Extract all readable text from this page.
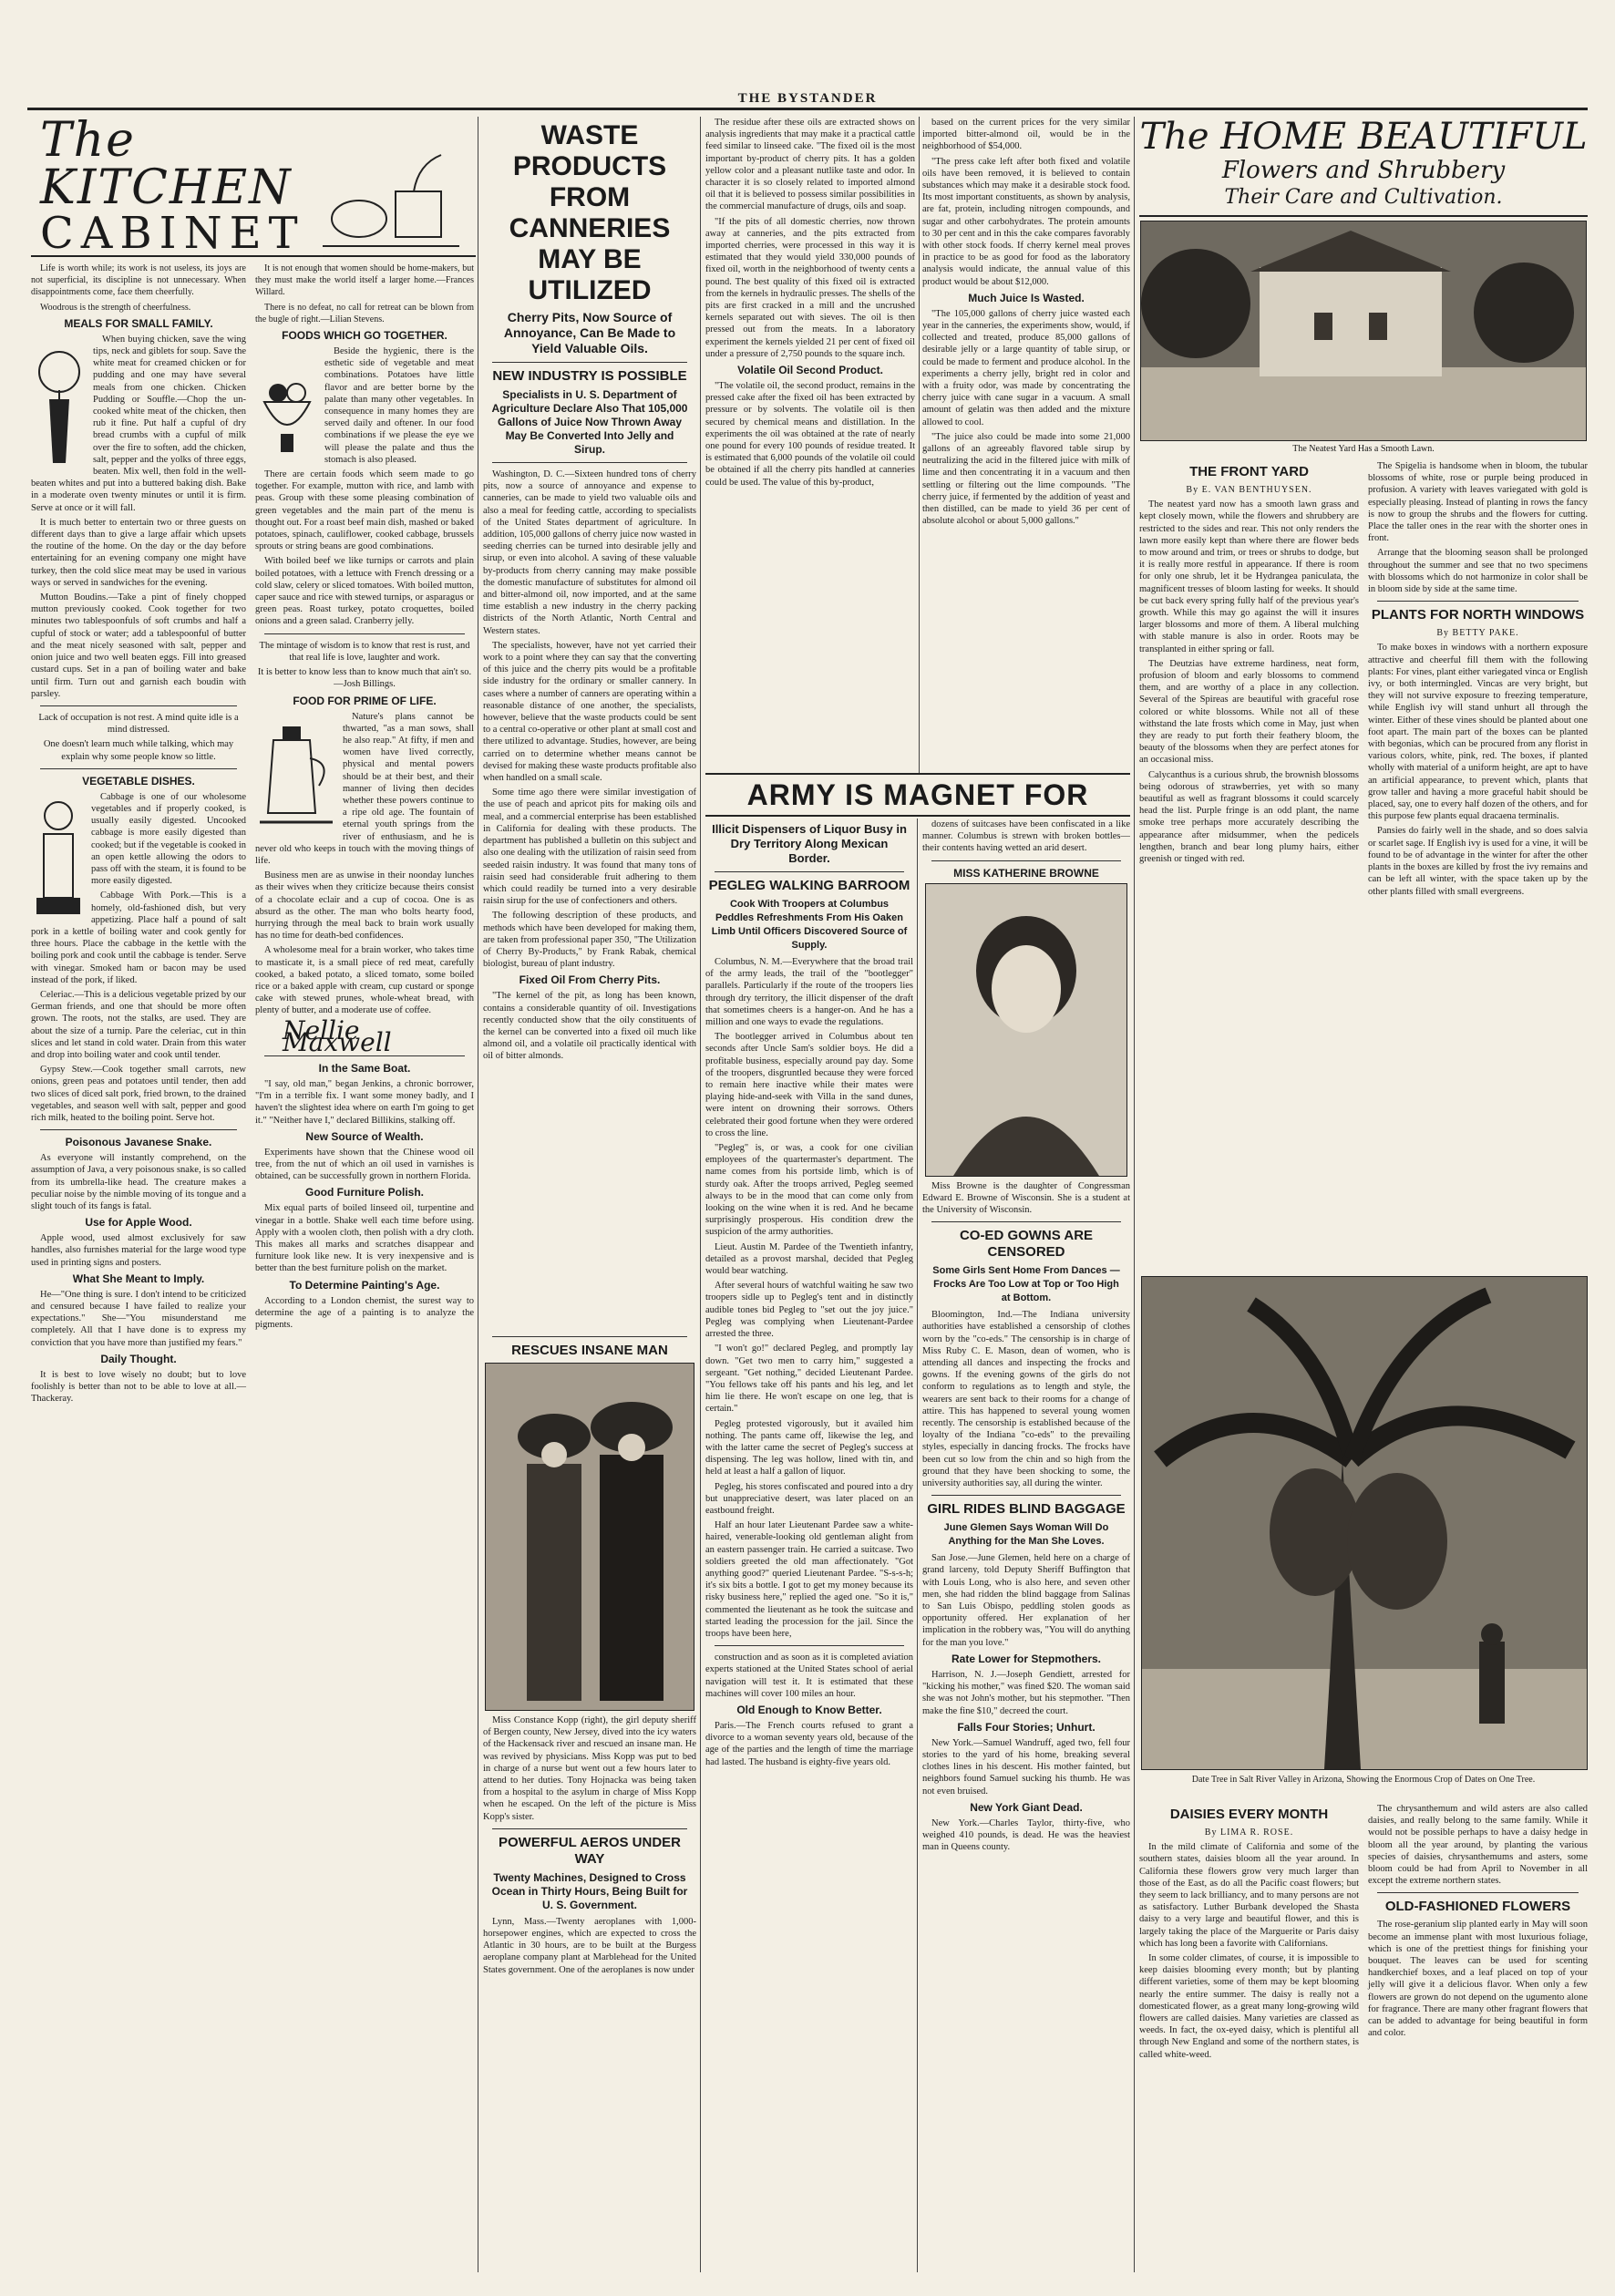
THE BYSTANDER
The KITCHEN
CABINET

Life is worth while; its work is not useless, its joys are not superficial, its discipline is not unnecessary. When disappointments come, face them cheerfully.

Woodrous is the strength of cheerfulness.

MEALS FOR SMALL FAMILY.

When buying chicken, save the wing tips, neck and giblets for soup. Save the white meat for creamed chicken or for pudding and one may have several meals from one chicken. Chicken Pudding or Souffle.—Chop the un-cooked white meat of the chicken, then rub it fine. Put half a cupful of dry bread crumbs with a cupful of milk over the fire to soften, add the chicken, salt, pepper and the yolks of three eggs, beaten. Mix well, then fold in the well-beaten whites and put into a buttered baking dish. Bake in a moderate oven twenty minutes or until it is firm. Serve at once or it will fall.

It is much better to entertain two or three guests on different days than to give a large affair which upsets the routine of the home. On the day or the day before entertaining for an evening company one might have turkey, then the cold slice meat may be used in various ways or served in sandwiches for the evening.

Mutton Boudins.—Take a pint of finely chopped mutton previously cooked. Cook together for two minutes two tablespoonfuls of soft crumbs and half a cupful of stock or water; add a tablespoonful of butter and the meat nicely seasoned with salt, pepper and onion juice and two well beaten eggs. Fill into greased custard cups. Set in a pan of boiling water and bake until firm. Turn out and garnish each boudin with parsley.

Lack of occupation is not rest. A mind quite idle is a mind distressed.

One doesn't learn much while talking, which may explain why some people know so little.

VEGETABLE DISHES.

Cabbage is one of our wholesome vegetables and if properly cooked, is usually easily digested. Uncooked cabbage is more easily digested than cooked; but if the vegetable is cooked in an open kettle allowing the odors to pass off with the steam, it is found to be more easily digested.

Cabbage With Pork.—This is a homely, old-fashioned dish, but very appetizing. Place half a pound of salt pork in a kettle of boiling water and cook gently for three hours. Place the cabbage in the kettle with the boiling pork and cook until the cabbage is tender. Serve with vinegar. Smoked ham or bacon may be used instead of the pork, if liked.

Celeriac.—This is a delicious vegetable prized by our German friends, and one that should be more often grown. The roots, not the stalks, are used. They are about the size of a turnip. Pare the celeriac, cut in thin slices and let stand in cold water. Drain from this water and drop into boiling water and cook until tender.

Gypsy Stew.—Cook together small carrots, new onions, green peas and potatoes until tender, then add two slices of diced salt pork, fried brown, to the drained vegetables, and season well with salt, pepper and good rich milk, heated to the boiling point. Serve hot.

Poisonous Javanese Snake.

As everyone will instantly comprehend, on the assumption of Java, a very poisonous snake, is so called from its umbrella-like head. The creature makes a peculiar noise by the nimble moving of its tongue and a slight touch of its fangs is fatal.

Use for Apple Wood.

Apple wood, used almost exclusively for saw handles, also furnishes material for the large wood type used in printing signs and posters.

What She Meant to Imply.

He—"One thing is sure. I don't intend to be criticized and censured because I have failed to realize your expectations." She—"You misunderstand me completely. All that I have done is to express my conviction that you have more than justified my fears."

Daily Thought.

It is best to love wisely no doubt; but to love foolishly is better than not to be able to love at all.—Thackeray.

It is not enough that women should be home-makers, but they must make the world itself a larger home.—Frances Willard.

There is no defeat, no call for retreat can be blown from the bugle of right.—Lilian Stevens.

FOODS WHICH GO TOGETHER.

Beside the hygienic, there is the esthetic side of vegetable and meat combinations. Potatoes have little flavor and are better borne by the palate than many other vegetables. In consequence in many homes they are served daily and oftener. In our food combinations if we please the eye we will please the palate and thus the stomach is also pleased.

There are certain foods which seem made to go together. For example, mutton with rice, and lamb with peas. Group with these some pleasing combination of green vegetables and the main part of the menu is thought out. For a roast beef main dish, mashed or baked potatoes, spinach, cauliflower, cooked cabbage, brussels sprouts or string beans are good combinations.

With boiled beef we like turnips or carrots and plain boiled potatoes, with a lettuce with French dressing or a cold slaw, celery or sliced tomatoes. With boiled mutton, caper sauce and rice with stewed turnips, or asparagus or green peas. Roast turkey, potato croquettes, boiled onions and a green salad. Cranberry jelly.

The mintage of wisdom is to know that rest is rust, and that real life is love, laughter and work.

It is better to know less than to know much that ain't so.—Josh Billings.

FOOD FOR PRIME OF LIFE.

Nature's plans cannot be thwarted, "as a man sows, shall he also reap." At fifty, if men and women have lived correctly, physical and mental powers should be at their best, and their manner of living then decides whether these powers continue to a ripe old age. The fountain of eternal youth springs from the river of enthusiasm, and he is never old who keeps in touch with the moving things of life.

Business men are as unwise in their noonday lunches as their wives when they criticize because theirs consist of a chocolate eclair and a cup of cocoa. One is as absurd as the other. The man who bolts hearty food, hurrying through the meal back to brain work usually has no time for death-bed confidences.

A wholesome meal for a brain worker, who takes time to masticate it, is a small piece of red meat, carefully cooked, a baked potato, a sliced tomato, some boiled rice or a baked apple with cream, cup custard or sponge cake with stewed prunes, whole-wheat bread, with plenty of butter, and a moderate use of coffee.

Nellie Maxwell
In the Same Boat.

"I say, old man," began Jenkins, a chronic borrower, "I'm in a terrible fix. I want some money badly, and I haven't the slightest idea where on earth I'm going to get it." "Neither have I," declared Billikins, stalking off.

New Source of Wealth.

Experiments have shown that the Chinese wood oil tree, from the nut of which an oil used in varnishes is obtained, can be successfully grown in northern Florida.

Good Furniture Polish.

Mix equal parts of boiled linseed oil, turpentine and vinegar in a bottle. Shake well each time before using. Apply with a woolen cloth, then polish with a dry cloth. This makes all marks and scratches disappear and furniture look like new. It is very inexpensive and is better than the best furniture polish on the market.

To Determine Painting's Age.

According to a London chemist, the surest way to determine the age of a painting is to analyze the pigments.

WASTE PRODUCTS FROM CANNERIES MAY BE UTILIZED
Cherry Pits, Now Source of Annoyance, Can Be Made to Yield Valuable Oils.
NEW INDUSTRY IS POSSIBLE
Specialists in U. S. Department of Agriculture Declare Also That 105,000 Gallons of Juice Now Thrown Away May Be Converted Into Jelly and Sirup.

Washington, D. C.—Sixteen hundred tons of cherry pits, now a source of annoyance and expense to canneries, can be made to yield two valuable oils and also a meal for feeding cattle, according to specialists of the United States department of agriculture. In addition, 105,000 gallons of cherry juice now wasted in seeding cherries can be turned into desirable jelly and sirup, or even into alcohol. A saving of these valuable by-products from cherry canning may make possible the domestic manufacture of substitutes for almond oil and bitter-almond oil, now imported, and at the same time establish a new industry in the cherry packing districts of the North Atlantic, North Central and Western states.

The specialists, however, have not yet carried their work to a point where they can say that the converting of this juice and the cherry pits would be a profitable side industry for the ordinary or smaller cannery. In cases where a number of canners are operating within a reasonable distance of one another, the specialists, however, believe that the waste products could be sent to a central co-operative or other plant at small cost and there utilized to advantage. Studies, however, are being carried on to determine whether means cannot be devised for making these waste products profitable also when handled on a small scale.

Some time ago there were similar investigation of the use of peach and apricot pits for making oils and meal, and a commercial enterprise has been established in California for dealing with these products. The department has published a bulletin on this subject and also one dealing with the utilization of raisin seed from seeded raisin industry. It was found that many tons of raisin seed had considerable fruit adhering to them which could readily be turned into a very desirable raisin sirup for the use of confectioners and others.

The following description of these products, and methods which have been developed for making them, are taken from professional paper 350, "The Utilization of Cherry By-Products," by Frank Rabak, chemical biologist, bureau of plant industry.

Fixed Oil From Cherry Pits.

"The kernel of the pit, as long has been known, contains a considerable quantity of oil. Investigations recently conducted show that the oily constituents of the kernel can be converted into a fixed oil much like almond oil, and a volatile oil practically identical with oil of bitter almonds.

The residue after these oils are extracted shows on analysis ingredients that may make it a practical cattle feed similar to linseed cake. "The fixed oil is the most important by-product of cherry pits. It has a golden yellow color and a pleasant nutlike taste and odor. In character it is so closely related to imported almond oil that it is believed to possess similar possibilities in the commercial manufacture of drugs, oils and soap.

"If the pits of all domestic cherries, now thrown away at canneries, and the pits extracted from imported cherries, were processed in this way it is estimated that they would yield 330,000 pounds of fixed oil, worth in the neighborhood of twenty cents a pound. The best quality of this fixed oil is extracted from the kernels in hydraulic presses. The shells of the pits are first cracked in a mill and the uncrushed kernels separated out with sieves. The oil is then pressed out from the meats. In a laboratory experiment the kernels yielded 21 per cent of fixed oil under a pressure of 2,750 pounds to the square inch.

Volatile Oil Second Product.

"The volatile oil, the second product, remains in the pressed cake after the fixed oil has been extracted by pressure or by solvents. The volatile oil is then secured by chemical means and distillation. In the experiments the oil was obtained at the rate of nearly one pound for every 100 pounds of residue treated. It is estimated that 6,000 pounds of the volatile oil could be obtained if all the cherry pits handled at canneries could be used. The value of this by-product,

based on the current prices for the very similar imported bitter-almond oil, would be in the neighborhood of $54,000.

"The press cake left after both fixed and volatile oils have been removed, it is believed to contain substances which may make it a desirable stock food. Its most important constituents, as shown by analysis, are fat, protein, including nitrogen compounds, and sugar and other carbohydrates. The protein amounts to 30 per cent and in this the cake compares favorably with other stock foods. If cherry kernel meal proves in practice to be as good for food as the laboratory analysis would indicate, the annual value of this product would be about $12,000.

Much Juice Is Wasted.

"The 105,000 gallons of cherry juice wasted each year in the canneries, the experiments show, would, if collected and treated, produce 85,000 gallons of desirable jelly or a large quantity of table sirup, or could be made to ferment and produce alcohol. In the experiments a cherry jelly, bright red in color and with a fruity odor, was made by concentrating the cherry juice with cane sugar in a vacuum. A small amount of gelatin was then added and the mixture allowed to cool.

"The juice also could be made into some 21,000 gallons of an agreeably flavored table sirup by neutralizing the acid in the filtered juice with milk of lime and then concentrating it in a vacuum and then settling or filtering out the lime compounds. "The cherry juice, if fermented by the addition of yeast and then distilled, can be made to yield 36 per cent of absolute alcohol or about 5,000 gallons."

RESCUES INSANE MAN

Miss Constance Kopp (right), the girl deputy sheriff of Bergen county, New Jersey, dived into the icy waters of the Hackensack river and rescued an insane man. He was revived by physicians. Miss Kopp was put to bed in charge of a nurse but went out a few hours later to attend to her duties. Tony Hojnacka was being taken from a hospital to the asylum in charge of Miss Kopp when he escaped. On the left of the picture is Miss Kopp's sister.

POWERFUL AEROS UNDER WAY
Twenty Machines, Designed to Cross Ocean in Thirty Hours, Being Built for U. S. Government.

Lynn, Mass.—Twenty aeroplanes with 1,000-horsepower engines, which are expected to cross the Atlantic in 30 hours, are to be built at the Burgess aeroplane company plant at Marblehead for the United States government. One of the aeroplanes is now under

ARMY IS MAGNET FOR
Illicit Dispensers of Liquor Busy in Dry Territory Along Mexican Border.
PEGLEG WALKING BARROOM
Cook With Troopers at Columbus Peddles Refreshments From His Oaken Limb Until Officers Discovered Source of Supply.

Columbus, N. M.—Everywhere that the broad trail of the army leads, the trail of the "bootlegger" parallels. Particularly if the route of the troopers lies through dry territory, the illicit dispenser of the draft that sometimes cheers is a hanger-on. And he has a million and one ways to evade the regulations.

The bootlegger arrived in Columbus about ten seconds after Uncle Sam's soldier boys. He did a profitable business, especially around pay day. Some of the troopers, disgruntled because they were forced to remain here inactive while their mates were playing hide-and-seek with Villa in the sand dunes, were intent on drowning their sorrows. Others celebrated their good fortune when they were ordered to cross the line.

"Pegleg" is, or was, a cook for one civilian employees of the quartermaster's department. The name comes from his portside limb, which is of sturdy oak. After the troops arrived, Pegleg seemed always to be in the mood that can come only from looking on the wine when it is red. And he became surprisingly prosperous. His condition drew the suspicion of the army authorities.

Lieut. Austin M. Pardee of the Twentieth infantry, detailed as a provost marshal, decided that Pegleg would bear watching.

After several hours of watchful waiting he saw two troopers sidle up to Pegleg's tent and in distinctly audible tones bid Pegleg to "set out the joy juice." Pegleg was complying when Lieutenant-Pardee arrested the three.

"I won't go!" declared Pegleg, and promptly lay down. "Get two men to carry him," suggested a sergeant. "Get nothing," decided Lieutenant Pardee. "You fellows take off his pants and his leg, and let him lie there. He won't escape on one leg, that is certain."

Pegleg protested vigorously, but it availed him nothing. The pants came off, likewise the leg, and with the latter came the secret of Pegleg's success at dispensing. The leg was hollow, lined with tin, and held at least a half a gallon of liquor.

Pegleg, his stores confiscated and poured into a dry but unappreciative desert, was later placed on an eastbound freight.

Half an hour later Lieutenant Pardee saw a white-haired, venerable-looking old gentleman alight from an eastern passenger train. He carried a suitcase. Two soldiers greeted the old man affectionately. "Got anything good?" queried Lieutenant Pardee. "S-s-s-h; it's six bits a bottle. I got to get my money because its risky business here," replied the aged one. "So it is," commented the lieutenant as he took the suitcase and started leading the procession for the jail. Since the troops have been here,

construction and as soon as it is completed aviation experts stationed at the United States school of aerial navigation will test it. It is estimated that these machines will cover 100 miles an hour.

Old Enough to Know Better.

Paris.—The French courts refused to grant a divorce to a woman seventy years old, because of the age of the parties and the length of time the marriage had lasted. The husband is eighty-five years old.

dozens of suitcases have been confiscated in a like manner. Columbus is strewn with broken bottles—their contents having wetted an arid desert.

MISS KATHERINE BROWNE

Miss Browne is the daughter of Congressman Edward E. Browne of Wisconsin. She is a student at the University of Wisconsin.

CO-ED GOWNS ARE CENSORED
Some Girls Sent Home From Dances —Frocks Are Too Low at Top or Too High at Bottom.

Bloomington, Ind.—The Indiana university authorities have established a censorship of clothes worn by the "co-eds." The censorship is in charge of Miss Ruby C. E. Mason, dean of women, who is attending all dances and inspecting the frocks and gowns. If the evening gowns of the girls do not conform to regulations as to length and style, the wearers are sent back to their rooms for a change of attire. This has happened to several young women recently. The censorship is established because of the loyalty of the Indiana "co-eds" to the prevailing styles, especially in dancing frocks. The frocks have been cut so low from the chin and so high from the ground that they have been shocking to some, the university authorities say, all during the winter.

GIRL RIDES BLIND BAGGAGE
June Glemen Says Woman Will Do Anything for the Man She Loves.

San Jose.—June Glemen, held here on a charge of grand larceny, told Deputy Sheriff Buffington that with Louis Long, who is also here, and seven other men, she had ridden the blind baggage from Salinas to San Luis Obispo, peddling stolen goods as opportunity offered. Her explanation of her implication in the robbery was, "You will do anything for the man you love."

Rate Lower for Stepmothers.

Harrison, N. J.—Joseph Gendiett, arrested for "kicking his mother," was fined $20. The woman said she was not John's mother, but his stepmother. "Then make the fine $10," decreed the court.

Falls Four Stories; Unhurt.

New York.—Samuel Wandruff, aged two, fell four stories to the yard of his home, breaking several clothes lines in his descent. His mother fainted, but neighbors found Samuel sucking his thumb. He was not even bruised.

New York Giant Dead.

New York.—Charles Taylor, thirty-five, who weighed 410 pounds, is dead. He was the heaviest man in Queens county.

The HOME BEAUTIFUL
Flowers and Shrubbery
Their Care and Cultivation.
The Neatest Yard Has a Smooth Lawn.
THE FRONT YARD
By E. VAN BENTHUYSEN.

The neatest yard now has a smooth lawn grass and kept closely mown, while the flowers and shrubbery are restricted to the sides and rear. This not only renders the lawn more easily kept than where there are flower beds to mow around and trim, or trees or shrubs to dodge, but it is really more restful in appearance. If there is room for only one shrub, let it be Hydrangea paniculata, the magnificent tresses of bloom lasting for weeks. It should be cut back every spring fully half of the previous year's growth. While this may go against the will it insures larger blossoms and more of them. A liberal mulching with stable manure is also in order. Roots may be transplanted in either spring or fall.

The Deutzias have extreme hardiness, neat form, profusion of bloom and early blossoms to commend them, and are worthy of a place in any collection. Several of the Spireas are beautiful with graceful rose colored or white blossoms. While not all of these withstand the late frosts which come in May, just when they are ready to put forth their feathery bloom, the beauty of the blossoms when they are perfect atones for an occasional miss.

Calycanthus is a curious shrub, the brownish blossoms being odorous of strawberries, yet with so many beautiful as well as fragrant blossoms it could scarcely head the list. Purple fringe is an odd plant, the name smoke tree perhaps more accurately describing the appearance after midsummer, when the pedicels lengthen, branch and bear long plumy hairs, either greenish or tinged with red.

The Spigelia is handsome when in bloom, the tubular blossoms of white, rose or purple being produced in profusion. A variety with leaves variegated with gold is especially pleasing. Instead of planting in rows the fancy is now to group the shrubs and the flowers for cutting. Place the taller ones in the rear with the shorter ones in front.

Arrange that the blooming season shall be prolonged throughout the summer and see that no two specimens with blossoms which do not harmonize in color shall be in bloom side by side at the same time.

PLANTS FOR NORTH WINDOWS
By BETTY PAKE.

To make boxes in windows with a northern exposure attractive and cheerful fill them with the following plants: For vines, plant either variegated vinca or English ivy, or both intermingled. Vincas are very bright, but they will not survive exposure to freezing temperature, while English ivy will stand unhurt all through the winter. Either of these vines should be planted about one foot apart. The main part of the boxes can be planted with begonias, which can be procured from any florist in various colors, white, pink, red. The boxes, if planted wholly with material of a uniform height, are apt to have an artificial appearance, to prevent which, plants that grow taller and having a more graceful habit should be placed, say, one to every half dozen of the others, and for this purpose few plants equal dracaena terminalis.

Pansies do fairly well in the shade, and so does salvia or scarlet sage. If English ivy is used for a vine, it will be found to be of advantage in the winter for after the other plants in the boxes are killed by frost the ivy remains and can be left all winter, with the space taken up by the other plants filled with small evergreens.

Date Tree in Salt River Valley in Arizona, Showing the Enormous Crop of Dates on One Tree.
DAISIES EVERY MONTH
By LIMA R. ROSE.

In the mild climate of California and some of the southern states, daisies bloom all the year around. In California these flowers grow very much larger than those of the East, as do all the Pacific coast flowers; but they seem to lack brilliancy, and to many persons are not as satisfactory. Luther Burbank developed the Shasta daisy to a very large and beautiful flower, and this is largely taking the place of the Marguerite or Paris daisy which has long been a favorite with Californians.

In some colder climates, of course, it is impossible to keep daisies blooming every month; but by planting different varieties, some of them may be kept blooming nearly the entire summer. The daisy is really not a domesticated flower, as a great many long-growing wild flowers are called daisies. Many varieties are classed as weeds. In fact, the ox-eyed daisy, which is plentiful all through New England and some of the northern states, is called white-weed.

The chrysanthemum and wild asters are also called daisies, and really belong to the same family. While it would not be possible perhaps to have a daisy hedge in bloom all the year around, by planting the various species of daisies, chrysanthemums and asters, some bloom could be had from April to November in all except the extreme northern states.

OLD-FASHIONED FLOWERS

The rose-geranium slip planted early in May will soon become an immense plant with most luxurious foliage, which is one of the prettiest things for finishing your bouquet. The leaves can be used for scenting handkerchief boxes, and a leaf placed on top of your jelly will give it a delicious flavor. When only a few flowers are grown do not depend on the ugumento alone for fragrance. There are many other fragrant flowers that can be added to advantage for being beautiful in form and color.
